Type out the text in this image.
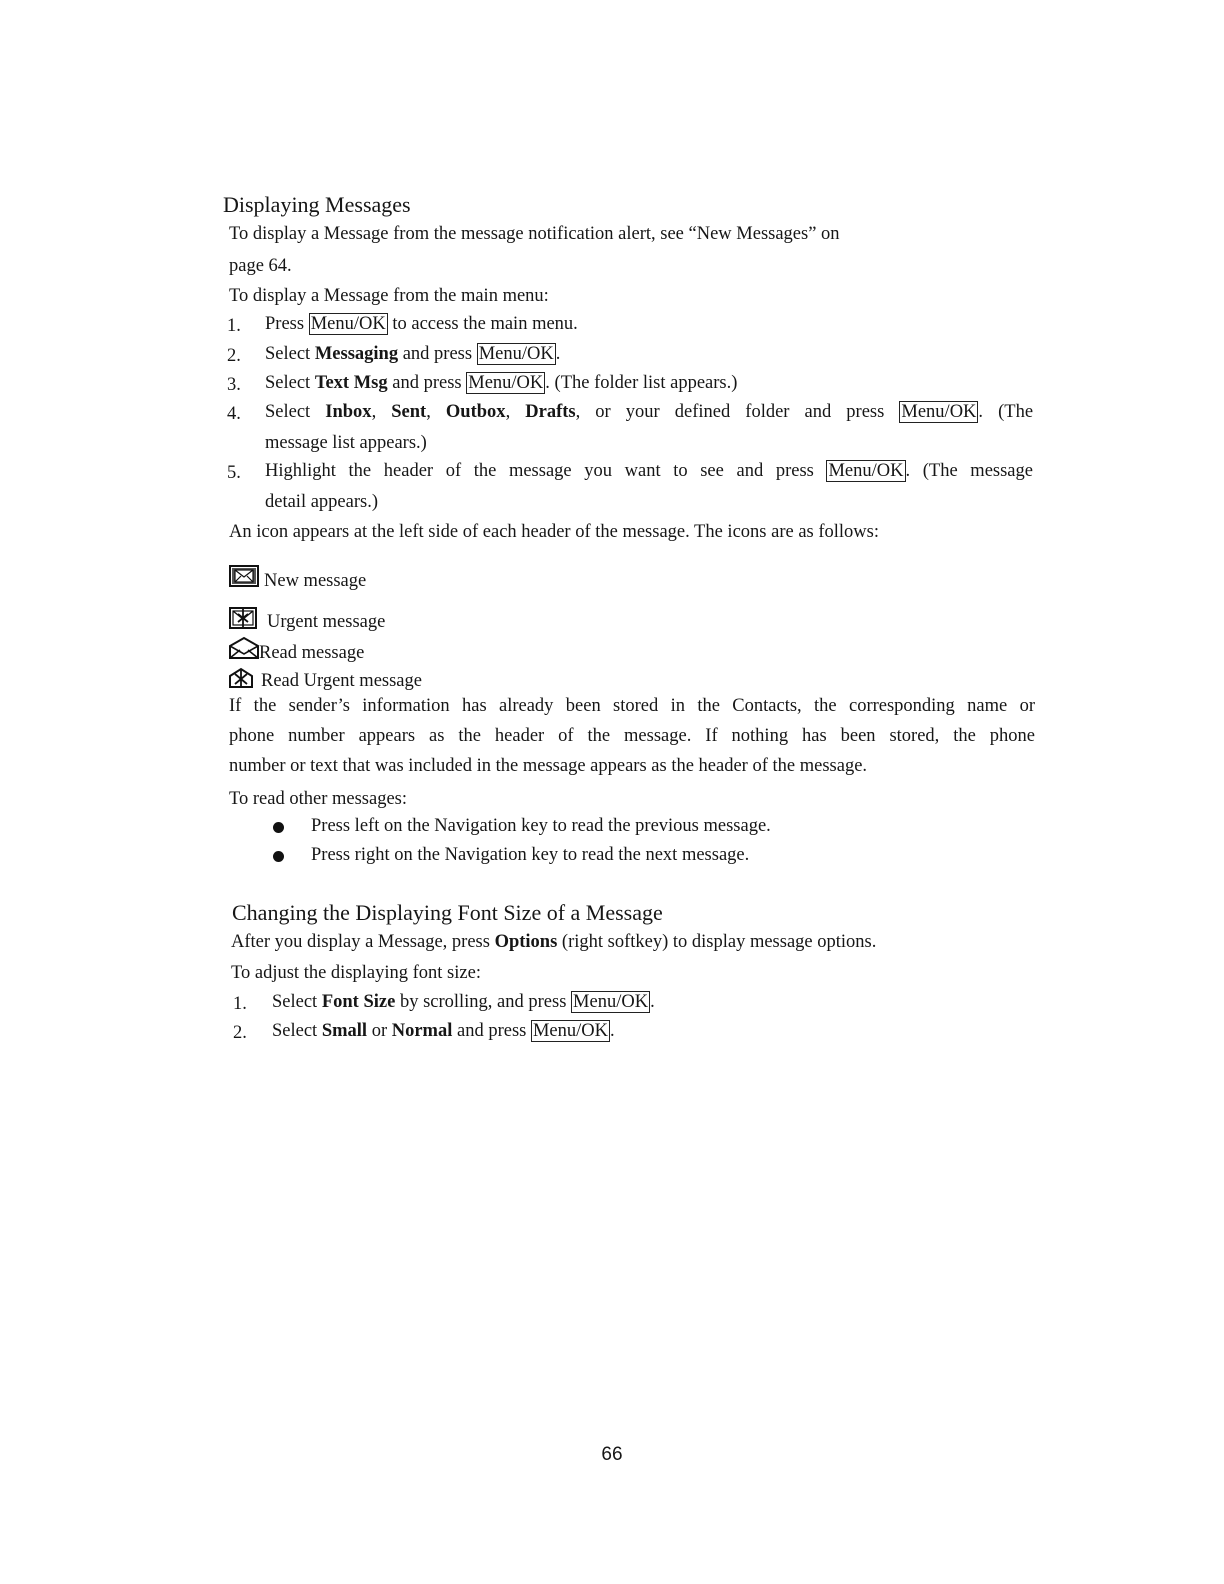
Displaying Messages
To display a Message from the message notification alert, see “New Messages” on
page 64.
To display a Message from the main menu:
1. Press Menu/OK to access the main menu.
2. Select Messaging and press Menu/OK .
3. Select Text Msg and press Menu/OK . (The folder list appears.)
4. Select Inbox, Sent, Outbox, Drafts, or your defined folder and press Menu/OK . (The
message list appears.)
5. Highlight the header of the message you want to see and press Menu/OK . (The message
detail appears.)
An icon appears at the left side of each header of the message. The icons are as follows:
New message
Urgent message
Read message
Read Urgent message
If the sender’s information has already been stored in the Contacts, the corresponding name or
phone number appears as the header of the message. If nothing has been stored, the phone
number or text that was included in the message appears as the header of the message.
To read other messages:
Press left on the Navigation key to read the previous message.
Press right on the Navigation key to read the next message.
Changing the Displaying Font Size of a Message
After you display a Message, press Options (right softkey) to display message options.
To adjust the displaying font size:
1. Select Font Size by scrolling, and press Menu/OK .
2. Select Small or Normal and press Menu/OK .
66
